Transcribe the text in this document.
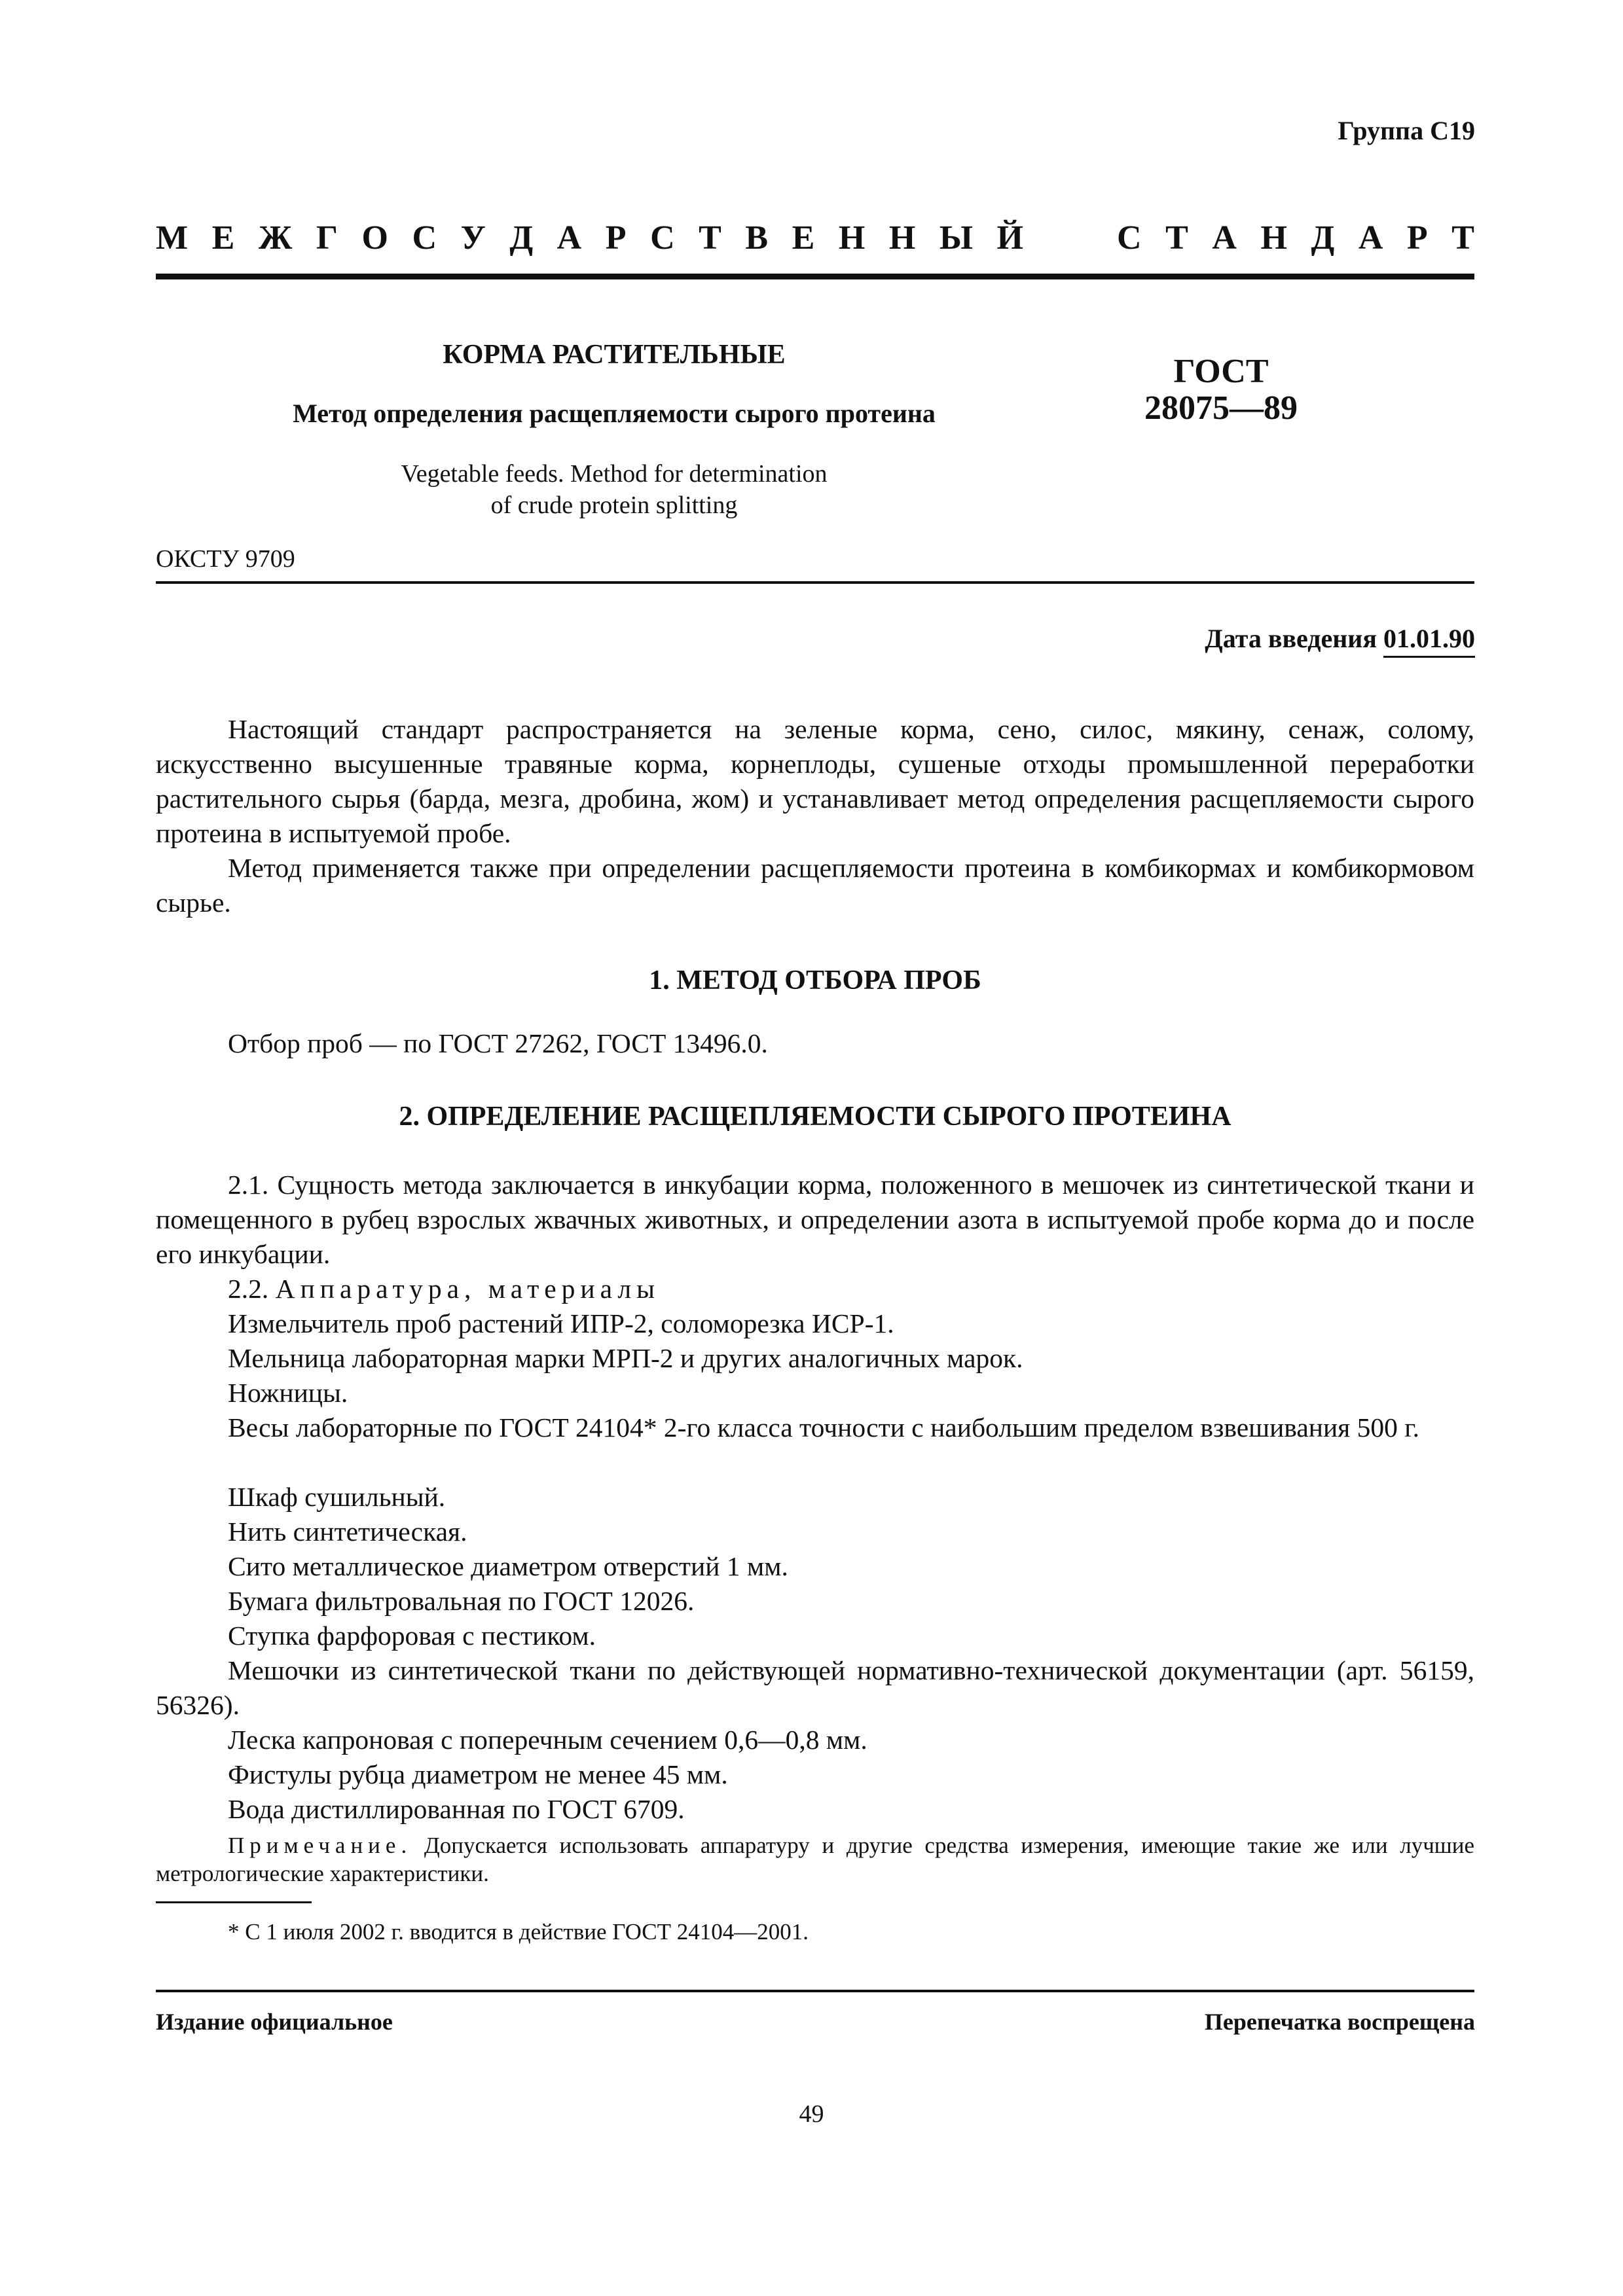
Группа С19
М Е Ж Г О С У Д А Р С Т В Е Н Н Ы Й	С Т А Н Д А Р Т
КОРМА РАСТИТЕЛЬНЫЕ
Метод определения расщепляемости сырого протеина
Vegetable feeds. Method for determination
of crude protein splitting
ГОСТ
28075—89
ОКСТУ 9709
Дата введения 01.01.90
Настоящий стандарт распространяется на зеленые корма, сено, силос, мякину, сенаж, солому, искусственно высушенные травяные корма, корнеплоды, сушеные отходы промышленной переработки растительного сырья (барда, мезга, дробина, жом) и устанавливает метод определения расщепляемости сырого протеина в испытуемой пробе.
Метод применяется также при определении расщепляемости протеина в комбикормах и комбикормовом сырье.
1. МЕТОД ОТБОРА ПРОБ
Отбор проб — по ГОСТ 27262, ГОСТ 13496.0.
2. ОПРЕДЕЛЕНИЕ РАСЩЕПЛЯЕМОСТИ СЫРОГО ПРОТЕИНА
2.1. Сущность метода заключается в инкубации корма, положенного в мешочек из синтетической ткани и помещенного в рубец взрослых жвачных животных, и определении азота в испытуемой пробе корма до и после его инкубации.
2.2. Аппаратура, материалы
Измельчитель проб растений ИПР-2, соломорезка ИСР-1.
Мельница лабораторная марки МРП-2 и других аналогичных марок.
Ножницы.
Весы лабораторные по ГОСТ 24104* 2-го класса точности с наибольшим пределом взвешивания 500 г.
Шкаф сушильный.
Нить синтетическая.
Сито металлическое диаметром отверстий 1 мм.
Бумага фильтровальная по ГОСТ 12026.
Ступка фарфоровая с пестиком.
Мешочки из синтетической ткани по действующей нормативно-технической документации (арт. 56159, 56326).
Леска капроновая с поперечным сечением 0,6—0,8 мм.
Фистулы рубца диаметром не менее 45 мм.
Вода дистиллированная по ГОСТ 6709.
Примечание. Допускается использовать аппаратуру и другие средства измерения, имеющие такие же или лучшие метрологические характеристики.
* С 1 июля 2002 г. вводится в действие ГОСТ 24104—2001.
Издание официальное	Перепечатка воспрещена
49
